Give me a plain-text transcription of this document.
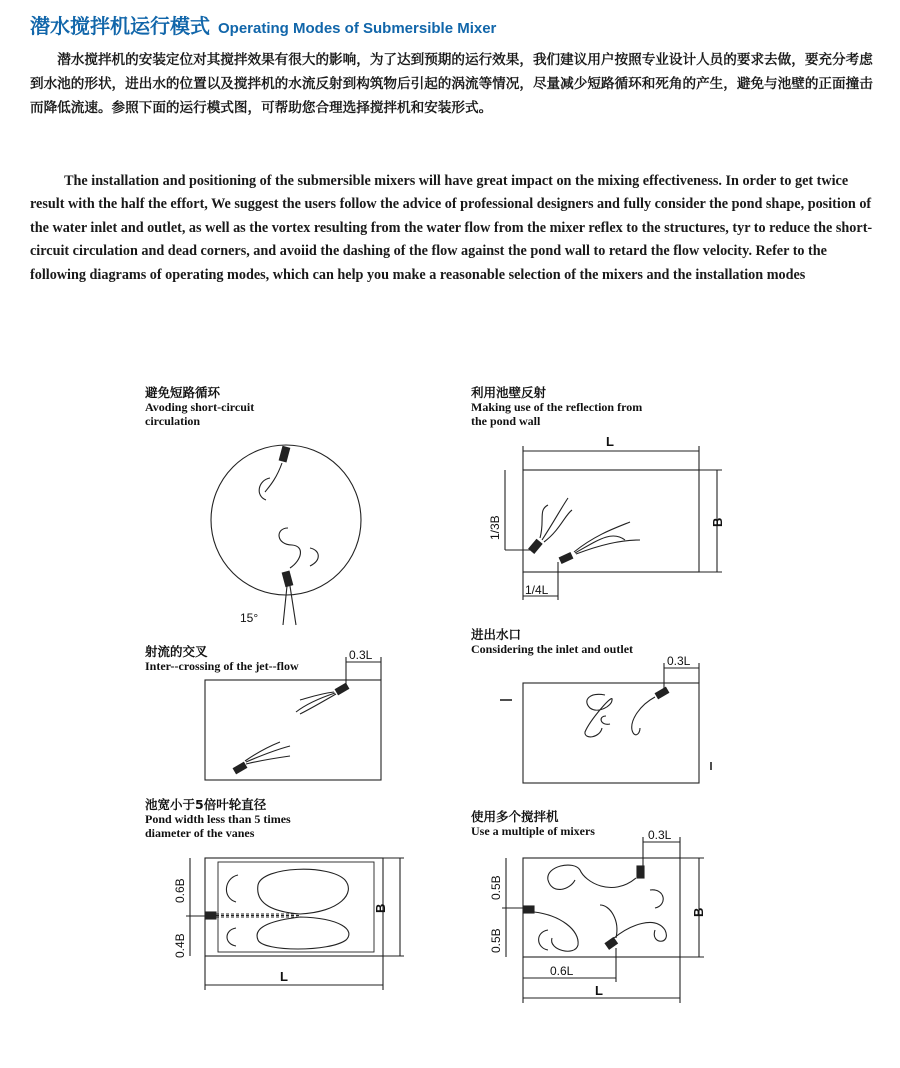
潜水搅拌机运行模式 Operating Modes of Submersible Mixer
潜水搅拌机的安装定位对其搅拌效果有很大的影响，为了达到预期的运行效果，我们建议用户按照专业设计人员的要求去做，要充分考虑到水池的形状，进出水的位置以及搅拌机的水流反射到构筑物后引起的涡流等情况，尽量减少短路循环和死角的产生，避免与池壁的正面撞击而降低流速。参照下面的运行模式图，可帮助您合理选择搅拌机和安装形式。
The installation and positioning of the submersible mixers will have great impact on the mixing effectiveness. In order to get twice result with the half the effort, We suggest the users follow the advice of professional designers and fully consider the pond shape, position of the water inlet and outlet, as well as the vortex resulting from the water flow from the mixer reflex to the structures, tyr to reduce the short-circuit circulation and dead corners, and avoiid the dashing of the flow against the pond wall to retard the flow velocity. Refer to the following diagrams of operating modes, which can help you make a reasonable selection of the mixers and the installation modes
避免短路循环
Avoding short-circuit
circulation
利用池壁反射
Making use of the reflection from
the pond wall
射流的交叉
Inter--crossing of the jet--flow
进出水口
Considering the inlet and outlet
池宽小于5倍叶轮直径
Pond width less than 5 times
diameter of the vanes
使用多个搅拌机
Use a multiple of mixers
15°
L
B
1/3B
1/4L
0.3L	0.3L
B
L
0.6B
0.4B
0.3L
B
0.5B
0.5B
0.6L
L
